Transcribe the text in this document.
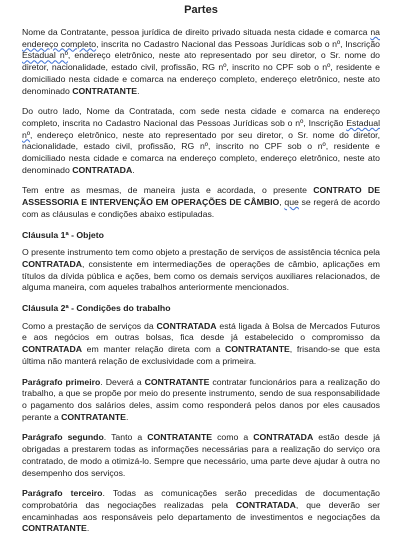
Partes

Nome da Contratante, pessoa jurídica de direito privado situada nesta cidade e comarca na endereço completo, inscrita no Cadastro Nacional das Pessoas Jurídicas sob o nº, Inscrição Estadual nº, endereço eletrônico, neste ato representado por seu diretor, o Sr. nome do diretor, nacionalidade, estado civil, profissão, RG nº, inscrito no CPF sob o nº, residente e domiciliado nesta cidade e comarca na endereço completo, endereço eletrônico, neste ato denominado CONTRATANTE.

Do outro lado, Nome da Contratada, com sede nesta cidade e comarca na endereço completo, inscrita no Cadastro Nacional das Pessoas Jurídicas sob o nº, Inscrição Estadual nº, endereço eletrônico, neste ato representado por seu diretor, o Sr. nome do diretor, nacionalidade, estado civil, profissão, RG nº, inscrito no CPF sob o nº, residente e domiciliado nesta cidade e comarca na endereço completo, endereço eletrônico, neste ato denominado CONTRATADA.

Tem entre as mesmas, de maneira justa e acordada, o presente CONTRATO DE ASSESSORIA E INTERVENÇÃO EM OPERAÇÕES DE CÂMBIO, que se regerá de acordo com as cláusulas e condições abaixo estipuladas.

Cláusula 1ª - Objeto

O presente instrumento tem como objeto a prestação de serviços de assistência técnica pela CONTRATADA, consistente em intermediações de operações de câmbio, aplicações em títulos da dívida pública e ações, bem como os demais serviços auxiliares relacionados, de alguma maneira, com aqueles trabalhos anteriormente mencionados.

Cláusula 2ª - Condições do trabalho

Como a prestação de serviços da CONTRATADA está ligada à Bolsa de Mercados Futuros e aos negócios em outras bolsas, fica desde já estabelecido o compromisso da CONTRATADA em manter relação direta com a CONTRATANTE, frisando-se que esta última não manterá relação de exclusividade com a primeira.

Parágrafo primeiro. Deverá a CONTRATANTE contratar funcionários para a realização do trabalho, a que se propõe por meio do presente instrumento, sendo de sua responsabilidade o pagamento dos salários deles, assim como responderá pelos danos por eles causados perante a CONTRATANTE.

Parágrafo segundo. Tanto a CONTRATANTE como a CONTRATADA estão desde já obrigadas a prestarem todas as informações necessárias para a realização do serviço ora contratado, de modo a otimizá-lo. Sempre que necessário, uma parte deve ajudar à outra no desempenho dos serviços.

Parágrafo terceiro. Todas as comunicações serão precedidas de documentação comprobatória das negociações realizadas pela CONTRATADA, que deverão ser encaminhadas aos responsáveis pelo departamento de investimentos e negociações da CONTRATANTE.
